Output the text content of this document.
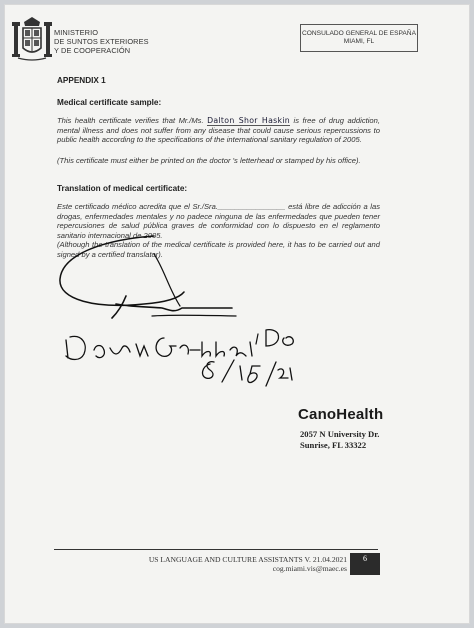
MINISTERIO
DE SUNTOS EXTERIORES
Y DE COOPERACIÓN
CONSULADO GENERAL DE ESPAÑA
MIAMI, FL
APPENDIX 1
Medical certificate sample:
This health certificate verifies that Mr./Ms. Dalton Shor Haskin is free of drug addiction, mental illness and does not suffer from any disease that could cause serious repercussions to public health according to the specifications of the international sanitary regulation of 2005.
(This certificate must either be printed on the doctor 's letterhead or stamped by his office).
Translation of medical certificate:
Este certificado médico acredita que el Sr./Sra.________________ está libre de adicción a las drogas, enfermedades mentales y no padece ninguna de las enfermedades que pueden tener repercusiones de salud pública graves de conformidad con lo dispuesto en el reglamento sanitario internacional de 2005.
(Although the translation of the medical certificate is provided here, it has to be carried out and signed by a certified translator).
CanoHealth
2057 N University Dr.
Sunrise, FL 33322
US LANGUAGE AND CULTURE ASSISTANTS V. 21.04.2021
cog.miami.vis@maec.es
6
